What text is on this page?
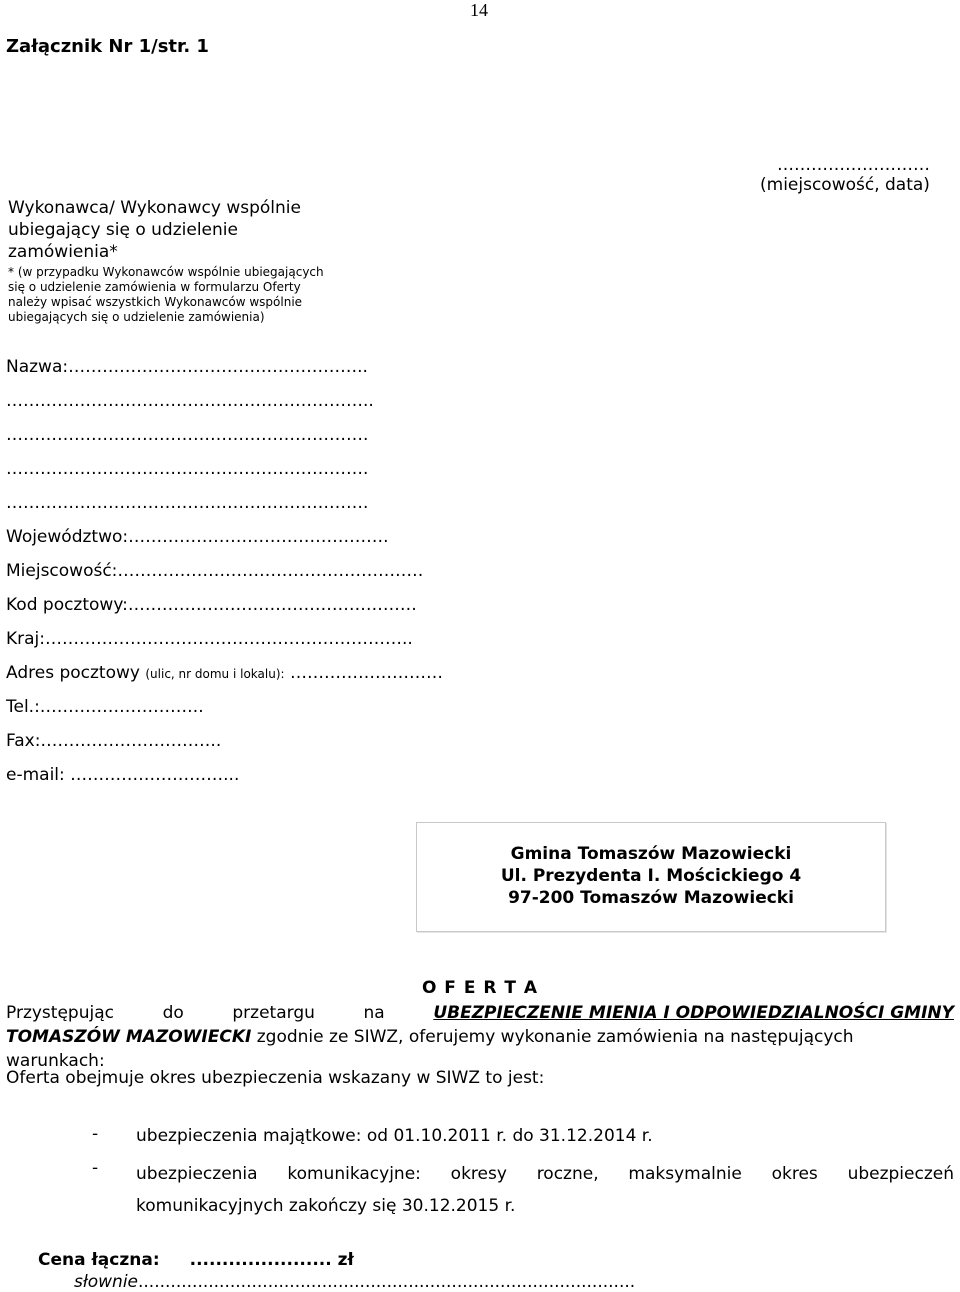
14
Załącznik Nr 1/str. 1
Wykonawca/ Wykonawcy wspólnie
ubiegający się o udzielenie
zamówienia*
* (w przypadku Wykonawców wspólnie ubiegających się o udzielenie zamówienia w formularzu Oferty należy wpisać wszystkich Wykonawców wspólnie ubiegających się o udzielenie zamówienia)
………………………
(miejscowość, data)
Nazwa:……………………………………………..
………………………………………………………..
……………………………………………………….
……………………………………………………….
……………………………………………………….
Województwo:……………………………………….
Miejscowość:………………………………………………
Kod pocztowy:……………………………………………
Kraj:………………………………………………………..
Adres pocztowy (ulic, nr domu i lokalu): ………………………
Tel.:………………………..
Fax:…………………………..
e-mail: ………………………...
Gmina Tomaszów Mazowiecki
Ul. Prezydenta I. Mościckiego 4
97-200 Tomaszów Mazowiecki
O F E R T A
Przystępując	do	przetargu	na	UBEZPIECZENIE MIENIA I ODPOWIEDZIALNOŚCI GMINY
TOMASZÓW MAZOWIECKI zgodnie ze SIWZ, oferujemy wykonanie zamówienia na następujących warunkach:
Oferta obejmuje okres ubezpieczenia wskazany w SIWZ to jest:
-	ubezpieczenia majątkowe: od 01.10.2011 r. do 31.12.2014 r.
-	ubezpieczenia komunikacyjne: okresy roczne, maksymalnie okres ubezpieczeń komunikacyjnych zakończy się 30.12.2015 r.
Cena łączna: ...................... zł
słownie............................................................................................
